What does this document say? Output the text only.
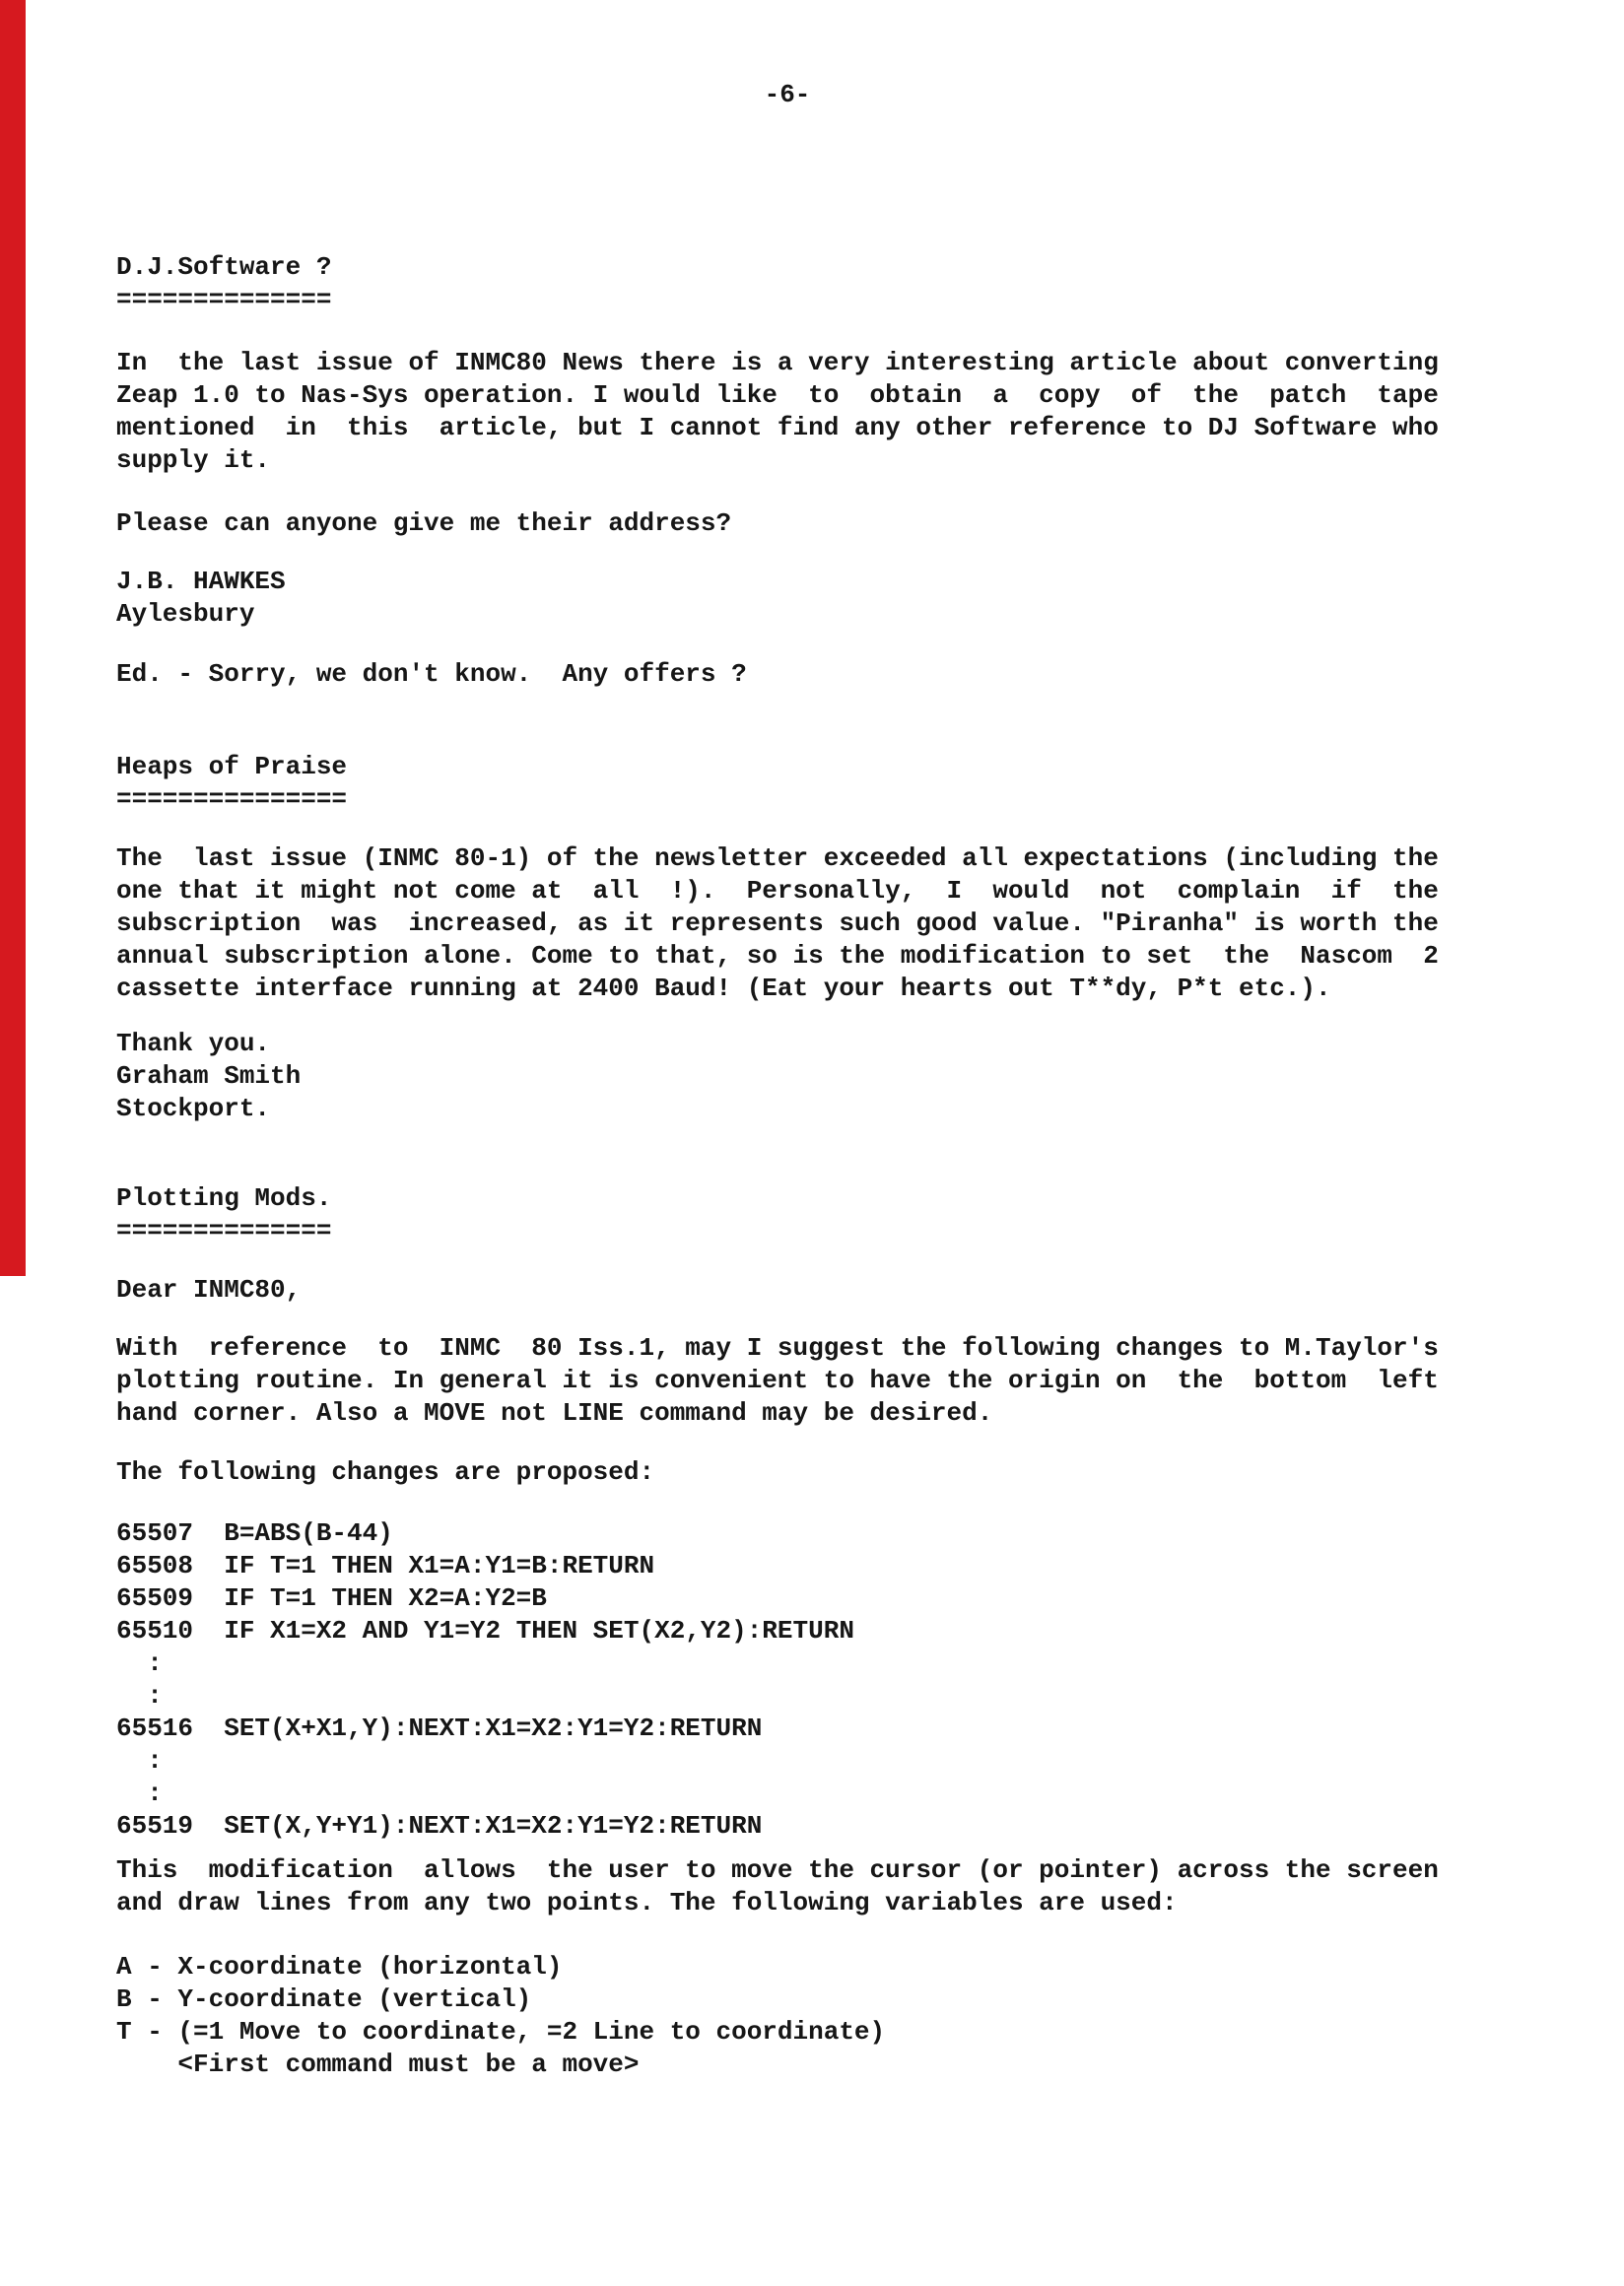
-6-
D.J.Software ?
==============
In  the last issue of INMC80 News there is a very interesting article about converting
Zeap 1.0 to Nas-Sys operation. I would like  to  obtain  a  copy  of  the  patch  tape
mentioned  in  this  article, but I cannot find any other reference to DJ Software who
supply it.
Please can anyone give me their address?
J.B. HAWKES
Aylesbury
Ed. - Sorry, we don't know.  Any offers ?
Heaps of Praise
===============
The  last issue (INMC 80-1) of the newsletter exceeded all expectations (including the
one that it might not come at  all  !).  Personally,  I  would  not  complain  if  the
subscription  was  increased, as it represents such good value. "Piranha" is worth the
annual subscription alone. Come to that, so is the modification to set  the  Nascom  2
cassette interface running at 2400 Baud! (Eat your hearts out T**dy, P*t etc.).
Thank you.
Graham Smith
Stockport.
Plotting Mods.
==============
Dear INMC80,
With  reference  to  INMC  80 Iss.1, may I suggest the following changes to M.Taylor's
plotting routine. In general it is convenient to have the origin on  the  bottom  left
hand corner. Also a MOVE not LINE command may be desired.
The following changes are proposed:
65507  B=ABS(B-44)
65508  IF T=1 THEN X1=A:Y1=B:RETURN
65509  IF T=1 THEN X2=A:Y2=B
65510  IF X1=X2 AND Y1=Y2 THEN SET(X2,Y2):RETURN
:
:
65516  SET(X+X1,Y):NEXT:X1=X2:Y1=Y2:RETURN
:
:
65519  SET(X,Y+Y1):NEXT:X1=X2:Y1=Y2:RETURN
This  modification  allows  the user to move the cursor (or pointer) across the screen
and draw lines from any two points. The following variables are used:
A - X-coordinate (horizontal)
B - Y-coordinate (vertical)
T - (=1 Move to coordinate, =2 Line to coordinate)
<First command must be a move>
